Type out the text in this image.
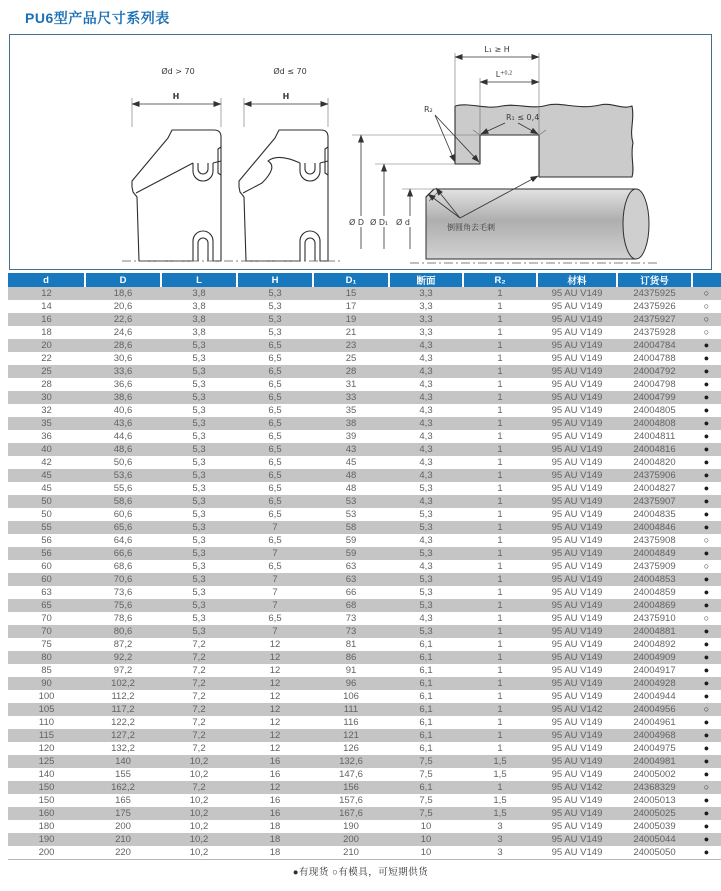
PU6型产品尺寸系列表
Ød > 70
H
Ød ≤ 70
H
L₁ ≥ H
$L^{+0,2}$
R₁ ≤ 0,4
R₂
Ø D Ø D₁ Ø d
倒圆角去毛刺
d	D	L	H	D₁	断面	R₂	材料	订货号	
12	18,6	3,8	5,3	15	3,3	1	95 AU V149	24375925	○
14	20,6	3,8	5,3	17	3,3	1	95 AU V149	24375926	○
16	22,6	3,8	5,3	19	3,3	1	95 AU V149	24375927	○
18	24,6	3,8	5,3	21	3,3	1	95 AU V149	24375928	○
20	28,6	5,3	6,5	23	4,3	1	95 AU V149	24004784	●
22	30,6	5,3	6,5	25	4,3	1	95 AU V149	24004788	●
25	33,6	5,3	6,5	28	4,3	1	95 AU V149	24004792	●
28	36,6	5,3	6,5	31	4,3	1	95 AU V149	24004798	●
30	38,6	5,3	6,5	33	4,3	1	95 AU V149	24004799	●
32	40,6	5,3	6,5	35	4,3	1	95 AU V149	24004805	●
35	43,6	5,3	6,5	38	4,3	1	95 AU V149	24004808	●
36	44,6	5,3	6,5	39	4,3	1	95 AU V149	24004811	●
40	48,6	5,3	6,5	43	4,3	1	95 AU V149	24004816	●
42	50,6	5,3	6,5	45	4,3	1	95 AU V149	24004820	●
45	53,6	5,3	6,5	48	4,3	1	95 AU V149	24375906	●
45	55,6	5,3	6,5	48	5,3	1	95 AU V149	24004827	●
50	58,6	5,3	6,5	53	4,3	1	95 AU V149	24375907	●
50	60,6	5,3	6,5	53	5,3	1	95 AU V149	24004835	●
55	65,6	5,3	7	58	5,3	1	95 AU V149	24004846	●
56	64,6	5,3	6,5	59	4,3	1	95 AU V149	24375908	○
56	66,6	5,3	7	59	5,3	1	95 AU V149	24004849	●
60	68,6	5,3	6,5	63	4,3	1	95 AU V149	24375909	○
60	70,6	5,3	7	63	5,3	1	95 AU V149	24004853	●
63	73,6	5,3	7	66	5,3	1	95 AU V149	24004859	●
65	75,6	5,3	7	68	5,3	1	95 AU V149	24004869	●
70	78,6	5,3	6,5	73	4,3	1	95 AU V149	24375910	○
70	80,6	5,3	7	73	5,3	1	95 AU V149	24004881	●
75	87,2	7,2	12	81	6,1	1	95 AU V149	24004892	●
80	92,2	7,2	12	86	6,1	1	95 AU V149	24004909	●
85	97,2	7,2	12	91	6,1	1	95 AU V149	24004917	●
90	102,2	7,2	12	96	6,1	1	95 AU V149	24004928	●
100	112,2	7,2	12	106	6,1	1	95 AU V149	24004944	●
105	117,2	7,2	12	111	6,1	1	95 AU V142	24004956	○
110	122,2	7,2	12	116	6,1	1	95 AU V149	24004961	●
115	127,2	7,2	12	121	6,1	1	95 AU V149	24004968	●
120	132,2	7,2	12	126	6,1	1	95 AU V149	24004975	●
125	140	10,2	16	132,6	7,5	1,5	95 AU V149	24004981	●
140	155	10,2	16	147,6	7,5	1,5	95 AU V149	24005002	●
150	162,2	7,2	12	156	6,1	1	95 AU V142	24368329	○
150	165	10,2	16	157,6	7,5	1,5	95 AU V149	24005013	●
160	175	10,2	16	167,6	7,5	1,5	95 AU V149	24005025	●
180	200	10,2	18	190	10	3	95 AU V149	24005039	●
190	210	10,2	18	200	10	3	95 AU V149	24005044	●
200	220	10,2	18	210	10	3	95 AU V149	24005050	●
●有现货 ○有模具，可短期供货
